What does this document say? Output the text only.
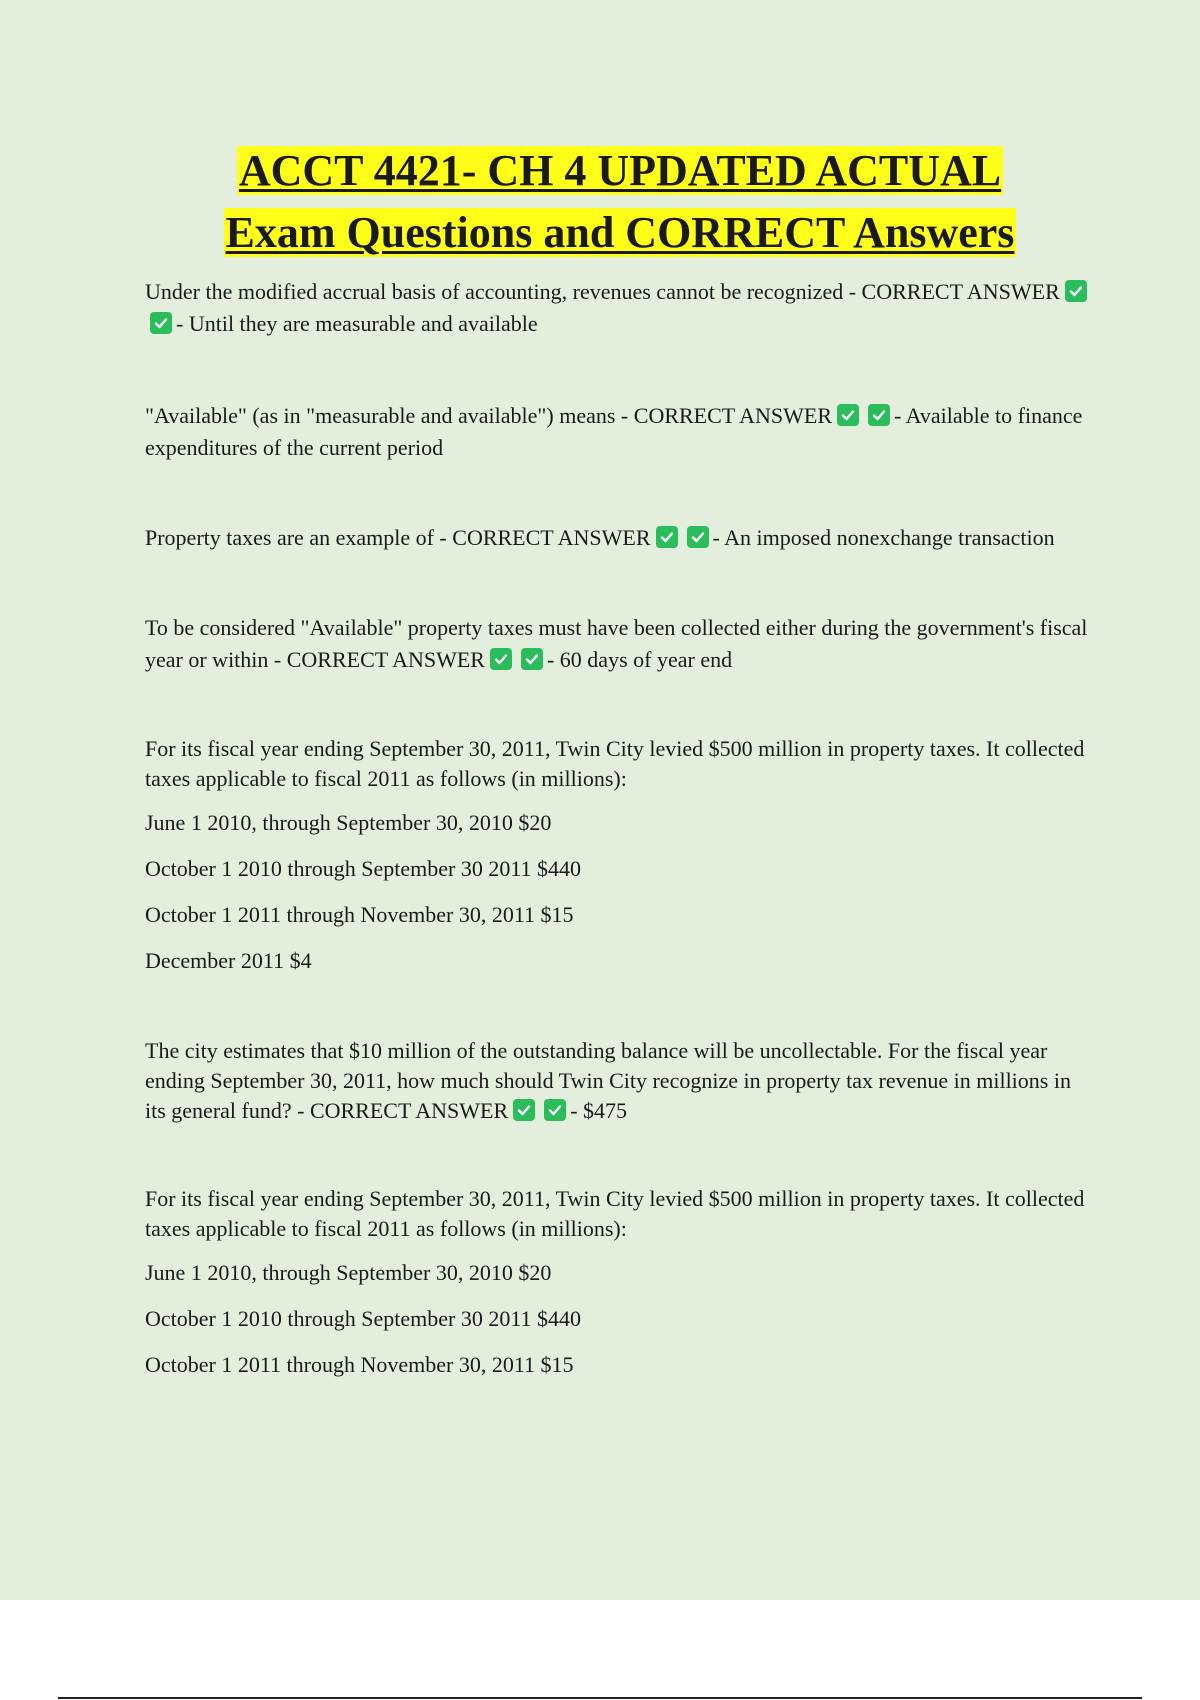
ACCT 4421- CH 4 UPDATED ACTUAL
Exam Questions and CORRECT Answers

Under the modified accrual basis of accounting, revenues cannot be recognized - CORRECT ANSWER
- Until they are measurable and available

"Available" (as in "measurable and available") means - CORRECT ANSWER	- Available to finance expenditures of the current period

Property taxes are an example of - CORRECT ANSWER	- An imposed nonexchange transaction

To be considered "Available" property taxes must have been collected either during the government's fiscal year or within - CORRECT ANSWER	- 60 days of year end

For its fiscal year ending September 30, 2011, Twin City levied $500 million in property taxes. It collected taxes applicable to fiscal 2011 as follows (in millions):

June 1 2010, through September 30, 2010 $20
October 1 2010 through September 30 2011 $440
October 1 2011 through November 30, 2011 $15
December 2011 $4

The city estimates that $10 million of the outstanding balance will be uncollectable. For the fiscal year ending September 30, 2011, how much should Twin City recognize in property tax revenue in millions in its general fund? - CORRECT ANSWER	- $475

For its fiscal year ending September 30, 2011, Twin City levied $500 million in property taxes. It collected taxes applicable to fiscal 2011 as follows (in millions):

June 1 2010, through September 30, 2010 $20
October 1 2010 through September 30 2011 $440
October 1 2011 through November 30, 2011 $15
